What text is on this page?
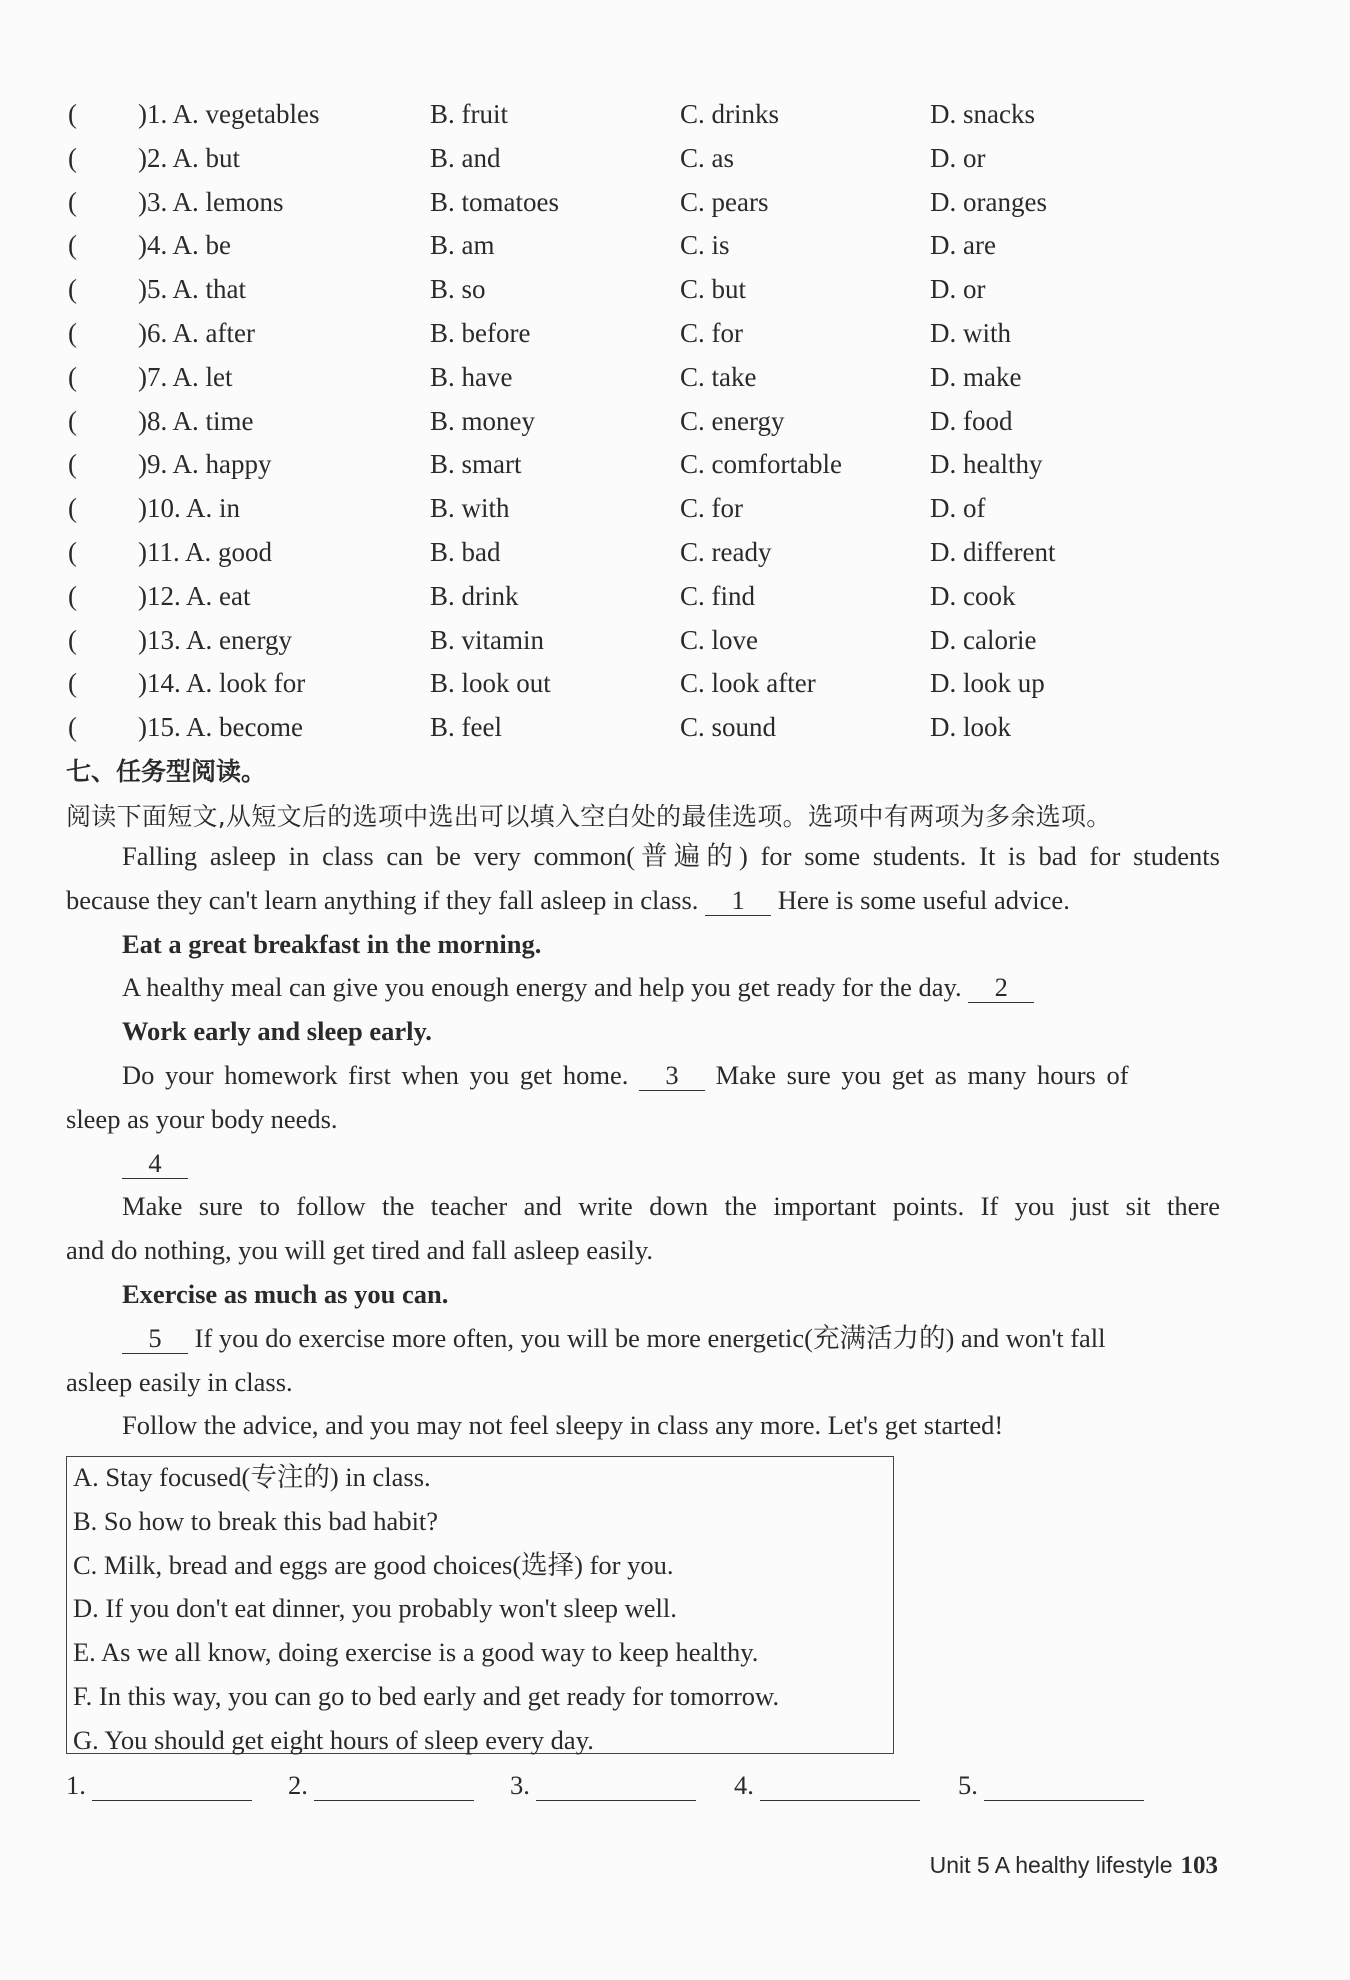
( )1. A. vegetables	B. fruit	C. drinks	D. snacks
( )2. A. but	B. and	C. as	D. or
( )3. A. lemons	B. tomatoes	C. pears	D. oranges
( )4. A. be	B. am	C. is	D. are
( )5. A. that	B. so	C. but	D. or
( )6. A. after	B. before	C. for	D. with
( )7. A. let	B. have	C. take	D. make
( )8. A. time	B. money	C. energy	D. food
( )9. A. happy	B. smart	C. comfortable	D. healthy
( )10. A. in	B. with	C. for	D. of
( )11. A. good	B. bad	C. ready	D. different
( )12. A. eat	B. drink	C. find	D. cook
( )13. A. energy	B. vitamin	C. love	D. calorie
( )14. A. look for	B. look out	C. look after	D. look up
( )15. A. become	B. feel	C. sound	D. look
七、任务型阅读。
阅读下面短文,从短文后的选项中选出可以填入空白处的最佳选项。选项中有两项为多余选项。
Falling asleep in class can be very common(普遍的) for some students. It is bad for students
because they can't learn anything if they fall asleep in class. 1 Here is some useful advice.
Eat a great breakfast in the morning.
A healthy meal can give you enough energy and help you get ready for the day. 2
Work early and sleep early.
Do your homework first when you get home. 3 Make sure you get as many hours of
sleep as your body needs.
4
Make sure to follow the teacher and write down the important points. If you just sit there
and do nothing, you will get tired and fall asleep easily.
Exercise as much as you can.
5 If you do exercise more often, you will be more energetic(充满活力的) and won't fall
asleep easily in class.
Follow the advice, and you may not feel sleepy in class any more. Let's get started!
A. Stay focused(专注的) in class.
B. So how to break this bad habit?
C. Milk, bread and eggs are good choices(选择) for you.
D. If you don't eat dinner, you probably won't sleep well.
E. As we all know, doing exercise is a good way to keep healthy.
F. In this way, you can go to bed early and get ready for tomorrow.
G. You should get eight hours of sleep every day.
1.	2.	3.	4.	5.
Unit 5 A healthy lifestyle 103
